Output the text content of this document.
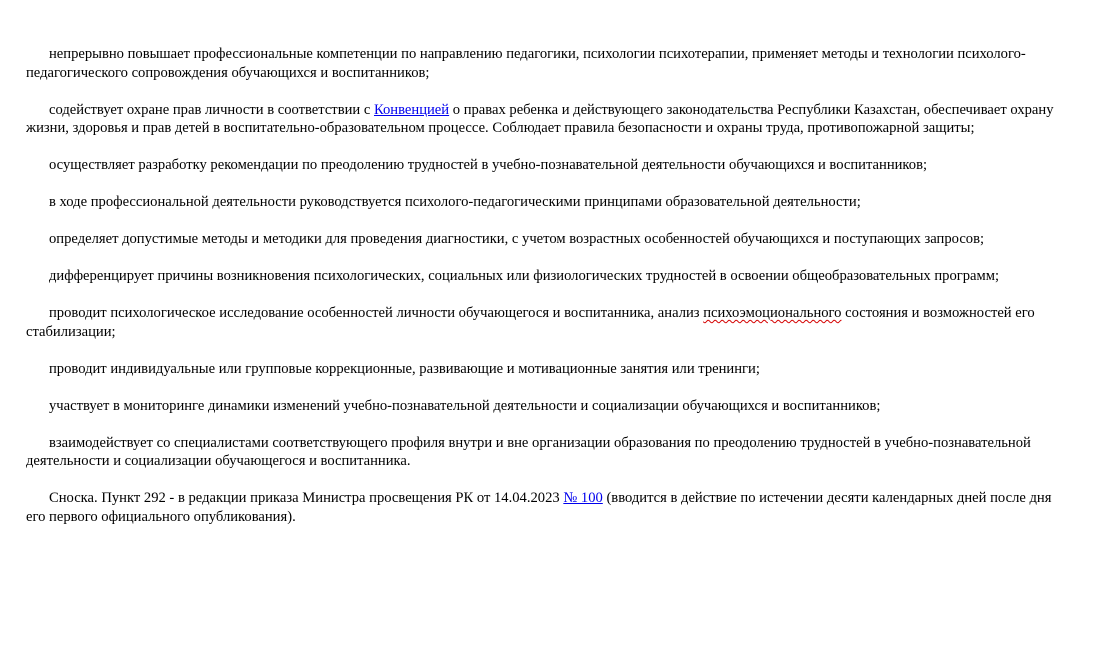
непрерывно повышает профессиональные компетенции по направлению педагогики, психологии психотерапии, применяет методы и технологии психолого-педагогического сопровождения обучающихся и воспитанников;

содействует охране прав личности в соответствии с Конвенцией о правах ребенка и действующего законодательства Республики Казахстан, обеспечивает охрану жизни, здоровья и прав детей в воспитательно-образовательном процессе. Соблюдает правила безопасности и охраны труда, противопожарной защиты;

осуществляет разработку рекомендации по преодолению трудностей в учебно-познавательной деятельности обучающихся и воспитанников;

в ходе профессиональной деятельности руководствуется психолого-педагогическими принципами образовательной деятельности;

определяет допустимые методы и методики для проведения диагностики, с учетом возрастных особенностей обучающихся и поступающих запросов;

дифференцирует причины возникновения психологических, социальных или физиологических трудностей в освоении общеобразовательных программ;

проводит психологическое исследование особенностей личности обучающегося и воспитанника, анализ психоэмоционального состояния и возможностей его стабилизации;

проводит индивидуальные или групповые коррекционные, развивающие и мотивационные занятия или тренинги;

участвует в мониторинге динамики изменений учебно-познавательной деятельности и социализации обучающихся и воспитанников;

взаимодействует со специалистами соответствующего профиля внутри и вне организации образования по преодолению трудностей в учебно-познавательной деятельности и социализации обучающегося и воспитанника.

Сноска. Пункт 292 - в редакции приказа Министра просвещения РК от 14.04.2023 № 100 (вводится в действие по истечении десяти календарных дней после дня его первого официального опубликования).
